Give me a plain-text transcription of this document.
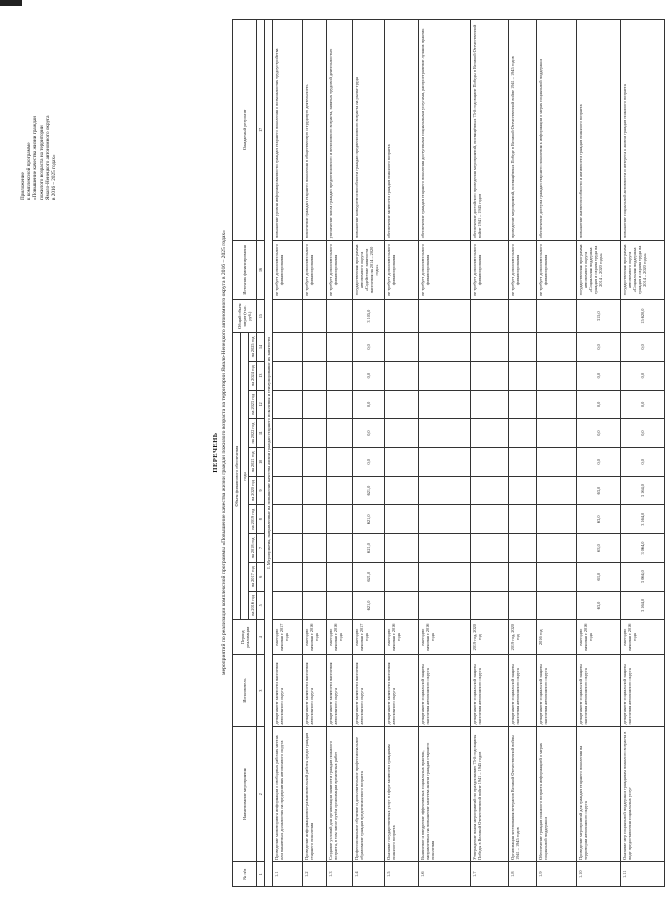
Приложение к комплексной программе «Повышение качества жизни граждан пожилого возраста на территории Ямало-Ненецкого автономного округа в 2016 – 2025 годах»
ПЕРЕЧЕНЬ мероприятий по реализации комплексной программы «Повышение качества жизни граждан пожилого возраста на территории Ямало-Ненецкого автономного округа в 2016 – 2025 годах»
№ п/п	Наименование мероприятия	Исполнитель	Период реализации	Объем финансового обеспечения										Общий объем затрат (тыс. руб.)	Источник финансирования	Ожидаемый результат
				годы												
				на 2016 год	на 2017 год	на 2018 год	на 2019 год	на 2020 год	на 2021 год	на 2022 год	на 2023 год	на 2024 год	на 2025 год			
1	2	3	4	5	6	7	8	9	10	11	12	13	14	15	16	17
I. Мероприятия, направленные на повышение качества жизни граждан старшего поколения и стимулирование их занятости																
1.1	Проведение мониторинга информации о свободных рабочих местах или вакантных должностях на предприятиях автономного округа	департамент занятости населения автономного округа	ежегодно начиная с 2017 года												не требует дополнительного финансирования	повышение уровня информированности граждан старшего поколения о возможностях трудоустройства
1.2	Проведение информационно-разъяснительной работы среди граждан старшего поколения	департамент занятости населения автономного округа	ежегодно начиная с 2016 года												не требует дополнительного финансирования	вовлечение граждан старшего поколения в общественную и трудовую деятельность
1.3	Создание условий для организации занятости граждан пожилого возраста, в том числе путём организации временных работ	департамент занятости населения автономного округа	ежегодно начиная с 2016 года												не требует дополнительного финансирования	увеличение числа граждан предпенсионного и пенсионного возраста, занятых трудовой деятельностью
1.4	Профессиональное обучение и дополнительное профессиональное образование граждан предпенсионного возраста	департамент занятости населения автономного округа	ежегодно начиная с 2017 года	621,0	621,0	621,0	621,0	621,0	0,0	0,0	0,0	0,0	0,0	3 105,0	государственная программа автономного округа «Содействие занятости населения на 2014 – 2020 годы»	повышение конкурентоспособности граждан предпенсионного возраста на рынке труда
1.5	Оказание государственных услуг в сфере занятости гражданам пожилого возраста	департамент занятости населения автономного округа	ежегодно начиная с 2016 года												не требует дополнительного финансирования	обеспечение занятости граждан пожилого возраста
1.6	Выявление и внедрение эффективных социальных практик, направленных на повышение качества жизни граждан старшего поколения	департамент социальной защиты населения автономного округа	ежегодно начиная с 2016 года												не требует дополнительного финансирования	обеспечение граждан старшего поколения доступными социальными услугами, распространение лучших практик
1.7	Утверждение плана мероприятий по празднованию 75-й годовщины Победы в Великой Отечественной войне 1941 – 1945 годов	департамент социальной защиты населения автономного округа	2019 год, 2020 год												не требует дополнительного финансирования	обеспечение достойного проведения мероприятий, посвящённых 75-й годовщине Победы в Великой Отечественной войне 1941 – 1945 годов
1.8	Организация чествования ветеранов Великой Отечественной войны 1941 – 1945 годов	департамент социальной защиты населения автономного округа	2019 год, 2020 год												не требует дополнительного финансирования	проведение мероприятий, посвящённых Победе в Великой Отечественной войне 1941 – 1945 годов
1.9	Обеспечение граждан пожилого возраста информацией о мерах социальной поддержки	департамент социальной защиты населения автономного округа	2016 год												не требует дополнительного финансирования	обеспечение доступа граждан старшего поколения к информации о мерах социальной поддержки
1.10	Проведение мероприятий для граждан старшего поколения на территории автономного округа	департамент социальной защиты населения автономного округа	ежегодно начиная с 2016 года	63,0	63,0	63,0	63,0	63,0	0,0	0,0	0,0	0,0	0,0	315,0	государственная программа автономного округа «Социальная поддержка граждан и охрана труда на 2014 – 2020 годы»	повышение жизнеспособности и активности граждан пожилого возраста
1.11	Оказание мер социальной поддержки гражданам пожилого возраста в виде предоставления социальных услуг	департамент социальной защиты населения автономного округа	ежегодно начиная с 2016 года	3 164,0	3 064,0	3 064,0	3 164,0	3 164,0	0,0	0,0	0,0	0,0	0,0	15 620,0	государственная программа автономного округа «Социальная поддержка граждан и охрана труда на 2014 – 2020 годы»	повышение социальной активности и интереса к жизни граждан пожилого возраста
